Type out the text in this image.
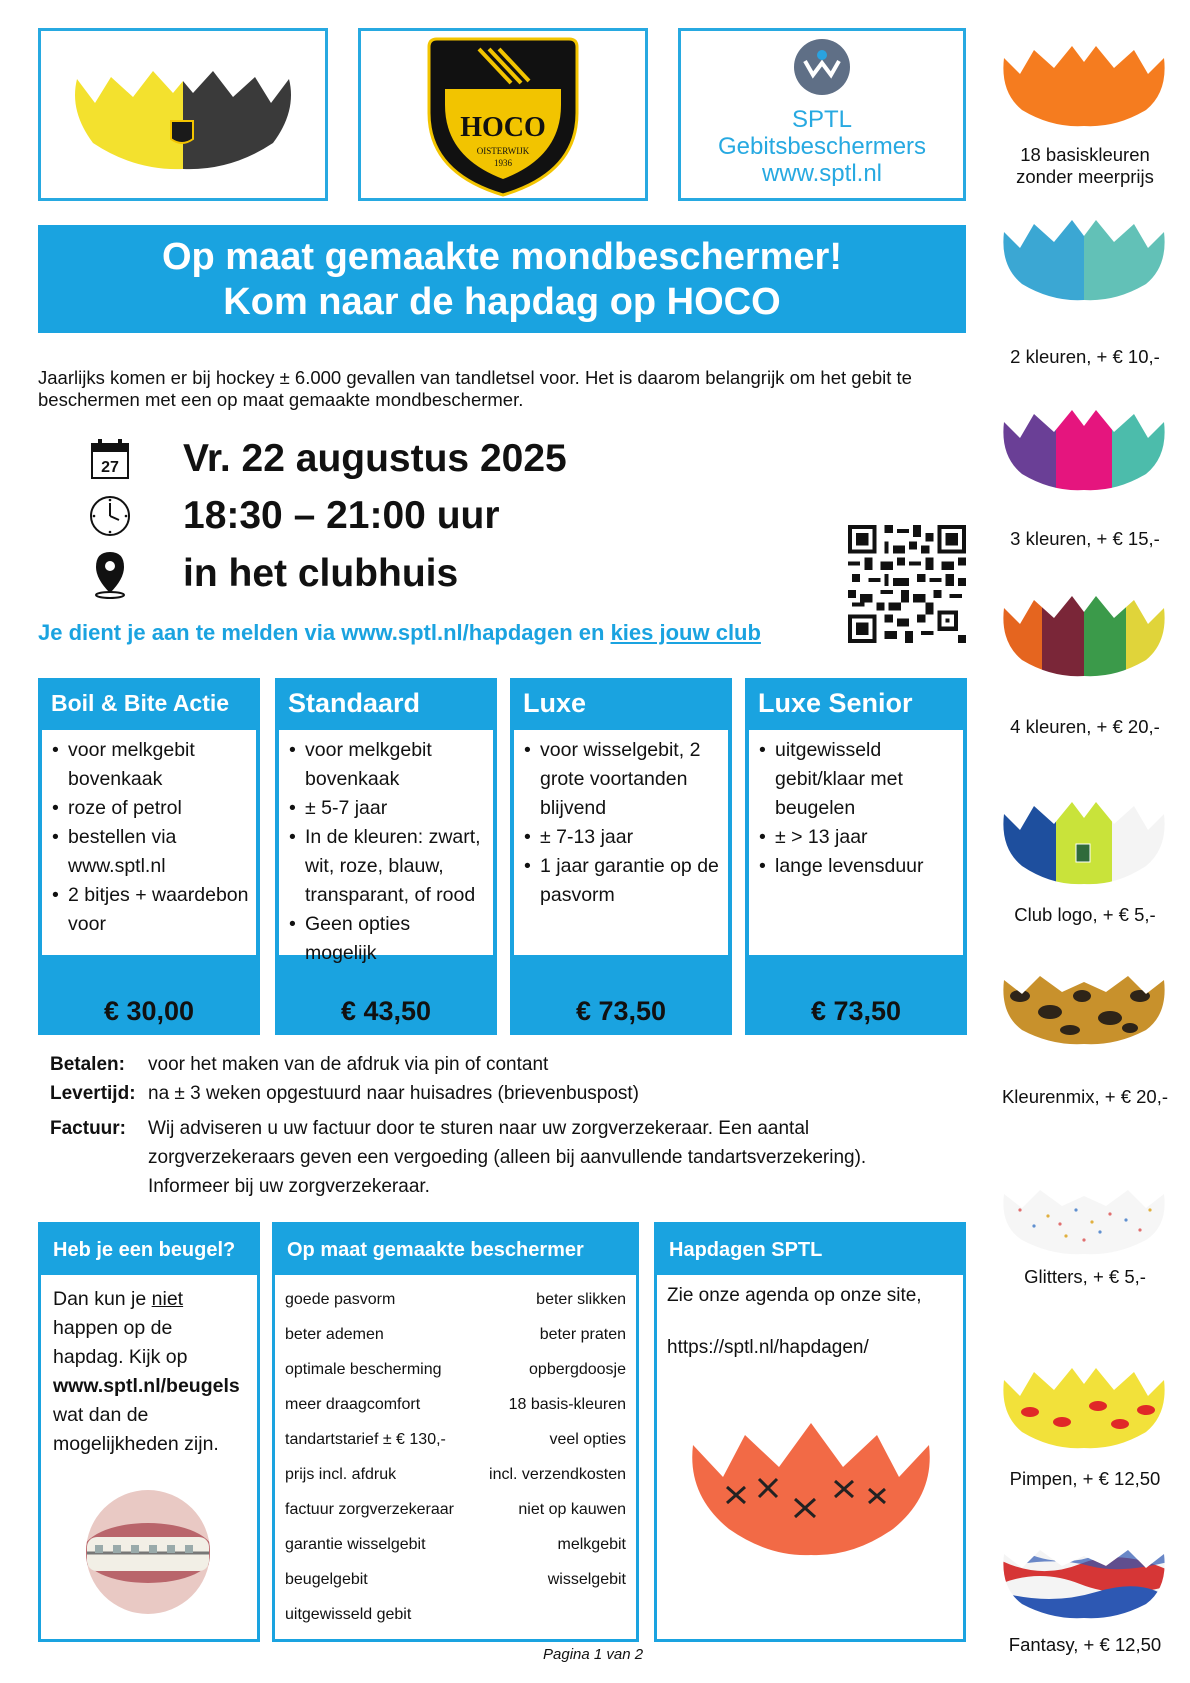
HOCO
OISTERWIJK
1936
SPTL
Gebitsbeschermers
www.sptl.nl
Op maat gemaakte mondbeschermer!
Kom naar de hapdag op HOCO
Jaarlijks komen er bij hockey ± 6.000 gevallen van tandletsel voor. Het is daarom belangrijk om het gebit te beschermen met een op maat gemaakte mondbeschermer.
27 Vr. 22 augustus 2025
18:30 – 21:00 uur
in het clubhuis
Je dient je aan te melden via www.sptl.nl/hapdagen en kies jouw club
Boil & Bite Actie
• voor melkgebit bovenkaak
• roze of petrol
• bestellen via www.sptl.nl
• 2 bitjes + waardebon voor
€ 30,00
Standaard
• voor melkgebit bovenkaak
• ± 5-7 jaar
• In de kleuren: zwart, wit, roze, blauw, transparant, of rood
• Geen opties mogelijk
€ 43,50
Luxe
• voor wisselgebit, 2 grote voortanden blijvend
• ± 7-13 jaar
• 1 jaar garantie op de pasvorm
€ 73,50
Luxe Senior
• uitgewisseld gebit/klaar met beugelen
• ± > 13 jaar
• lange levensduur
€ 73,50
Betalen: voor het maken van de afdruk via pin of contant
Levertijd: na ± 3 weken opgestuurd naar huisadres (brievenbuspost)
Factuur: Wij adviseren u uw factuur door te sturen naar uw zorgverzekeraar. Een aantal zorgverzekeraars geven een vergoeding (alleen bij aanvullende tandartsverzekering). Informeer bij uw zorgverzekeraar.
Heb je een beugel?
Dan kun je niet happen op de hapdag. Kijk op www.sptl.nl/beugels wat dan de mogelijkheden zijn.
Op maat gemaakte beschermer
goede pasvorm	beter slikken
beter ademen	beter praten
optimale bescherming	opbergdoosje
meer draagcomfort	18 basis-kleuren
tandartstarief ± € 130,-	veel opties
prijs incl. afdruk	incl. verzendkosten
factuur zorgverzekeraar	niet op kauwen
garantie wisselgebit	melkgebit
beugelgebit	wisselgebit
uitgewisseld gebit
Hapdagen SPTL
Zie onze agenda op onze site,
https://sptl.nl/hapdagen/
18 basiskleuren zonder meerprijs
2 kleuren, + € 10,-
3 kleuren, + € 15,-
4 kleuren, + € 20,-
Club logo, + € 5,-
Kleurenmix, + € 20,-
Glitters, + € 5,-
Pimpen, + € 12,50
Fantasy, + € 12,50
Pagina 1 van 2
